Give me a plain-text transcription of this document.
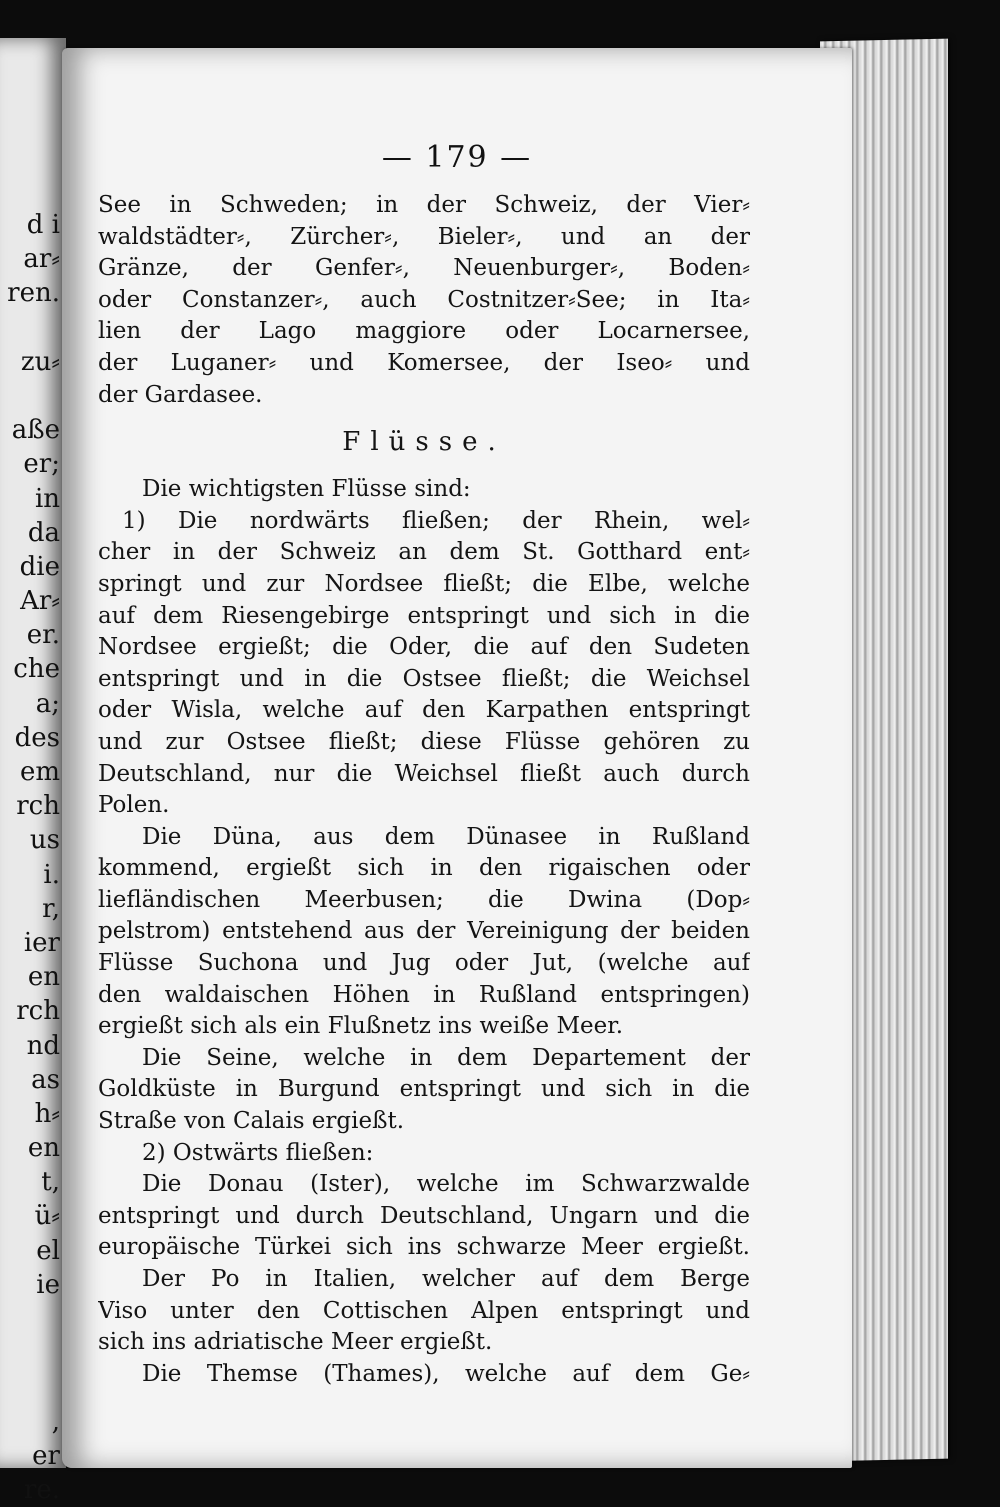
d i
ar⸗
ren.
zu⸗
aße
er;
in
da
die
Ar⸗
er.
che
a;
des
em
rch
us
i.
r,
ier
en
rch
nd
as
h⸗
en
t,
ü⸗
el
ie
,
er
re.
— 179 —
See in Schweden; in der Schweiz, der Vier⸗
waldstädter⸗, Zürcher⸗, Bieler⸗, und an der
Gränze, der Genfer⸗, Neuenburger⸗, Boden⸗
oder Constanzer⸗, auch Costnitzer⸗See; in Ita⸗
lien der Lago maggiore oder Locarnersee,
der Luganer⸗ und Komersee, der Iseo⸗ und
der Gardasee.
Flüsse.
Die wichtigsten Flüsse sind:
1) Die nordwärts fließen; der Rhein, wel⸗
cher in der Schweiz an dem St. Gotthard ent⸗
springt und zur Nordsee fließt; die Elbe, welche
auf dem Riesengebirge entspringt und sich in die
Nordsee ergießt; die Oder, die auf den Sudeten
entspringt und in die Ostsee fließt; die Weichsel
oder Wisla, welche auf den Karpathen entspringt
und zur Ostsee fließt; diese Flüsse gehören zu
Deutschland, nur die Weichsel fließt auch durch
Polen.
Die Düna, aus dem Dünasee in Rußland
kommend, ergießt sich in den rigaischen oder
liefländischen Meerbusen; die Dwina (Dop⸗
pelstrom) entstehend aus der Vereinigung der beiden
Flüsse Suchona und Jug oder Jut, (welche auf
den waldaischen Höhen in Rußland entspringen)
ergießt sich als ein Flußnetz ins weiße Meer.
Die Seine, welche in dem Departement der
Goldküste in Burgund entspringt und sich in die
Straße von Calais ergießt.
2) Ostwärts fließen:
Die Donau (Ister), welche im Schwarzwalde
entspringt und durch Deutschland, Ungarn und die
europäische Türkei sich ins schwarze Meer ergießt.
Der Po in Italien, welcher auf dem Berge
Viso unter den Cottischen Alpen entspringt und
sich ins adriatische Meer ergießt.
Die Themse (Thames), welche auf dem Ge⸗
